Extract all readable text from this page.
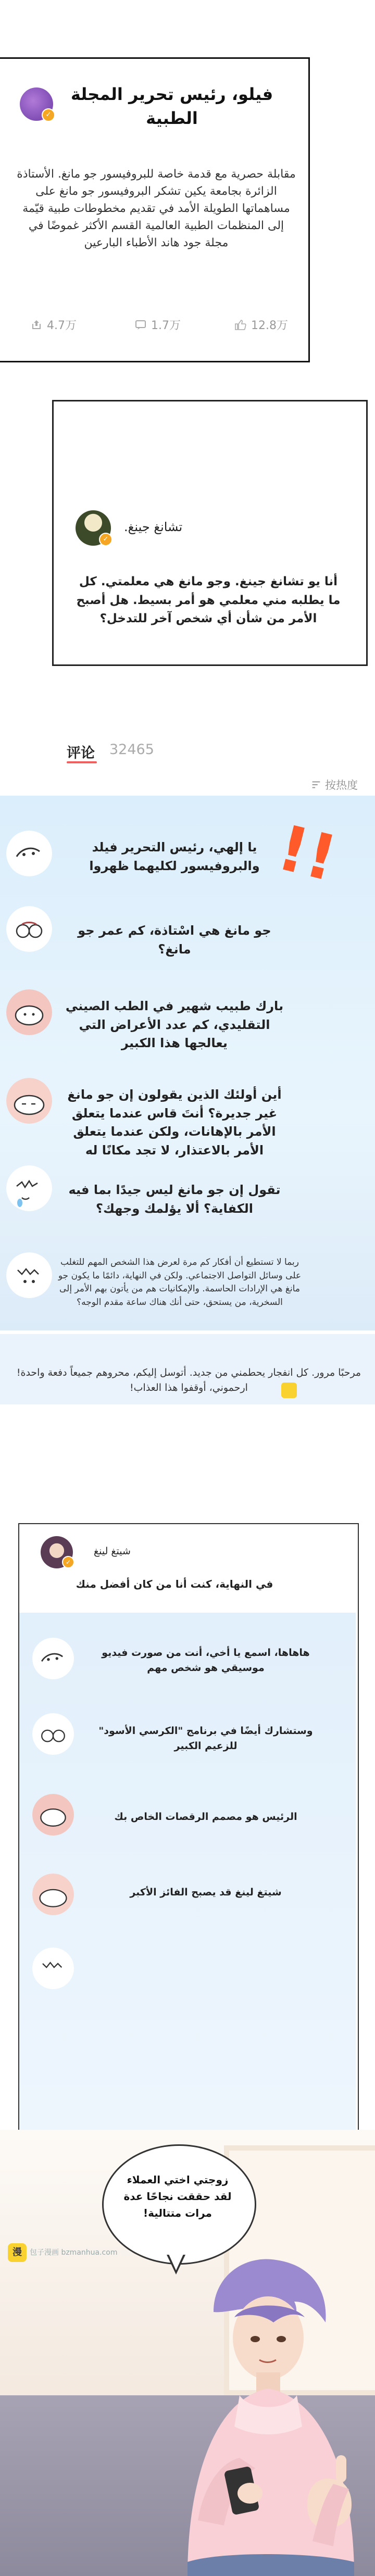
✓
فيلو، رئيس تحرير المجلة الطبية
مقابلة حصرية مع قدمة خاصة للبروفيسور جو مانغ. الأستاذة الزائرة بجامعة يكين تشكر البروفيسور جو مانغ على مساهماتها الطويلة الأمد في تقديم مخطوطات طبية قيّمة إلى المنظمات الطبية العالمية القسم الأكثر غموضًا في مجلة جود هاند الأطباء البارعين
4.7万	1.7万	12.8万
✓
تشانغ جينغ.
أنا يو تشانغ جينغ. وجو مانغ هي معلمتي. كل ما يطلبه مني معلمي هو أمر بسيط. هل أصبح الأمر من شأن أي شخص آخر للتدخل؟
评论 32465
按热度
!!
يا إلهي، رئيس التحرير فيلد والبروفيسور لكليهما ظهروا
جو مانغ هي اسْتاذة، كم عمر جو مانغ؟
بارك طبيب شهير في الطب الصيني التقليدي، كم عدد الأعراض التي يعالجها هذا الكبير
أين أولئك الذين يقولون إن جو مانغ غير جديرة؟ أنتَ قاس عندما يتعلق الأمر بالإهانات، ولكن عندما يتعلق الأمر بالاعتذار، لا تجد مكانًا له
تقول إن جو مانغ ليس جيدًا بما فيه الكفاية؟ ألا يؤلمك وجهك؟
ربما لا تستطيع أن أفكار كم مرة لعرض هذا الشخص المهم للتغلب على وسائل التواصل الاجتماعي. ولكن في النهاية، دائمًا ما يكون جو مانغ هي الإرادات الحاسمة. والإمكانيات هم من يأتون بهم الأمر إلى السخرية، من يستحق، حتى أنك هناك ساعة مقدم الوجه؟
مرحبًا مرور. كل انفجار يحطمني من جديد. أتوسل إليكم، محروهم جميعاً دفعة واحدة! ارحموني، أوقفوا هذا العذاب!
✓
شيتغ لينغ
في النهاية، كنت أنا من كان أفضل منك
هاهاها، اسمع يا أخي، أنت من صورت فيديو موسيقي هو شخص مهم
وستشارك أيضًا في برنامج "الكرسي الأسود" للزعيم الكبير
الرئيس هو مصمم الرقصات الخاص بك
شيتغ لينغ قد يصبح الفائز الأكبر
زوجتي اختي العملاء لقد حققت نجاحًا عدة مرات متتالية!
漫	包子漫画 bzmanhua.com
